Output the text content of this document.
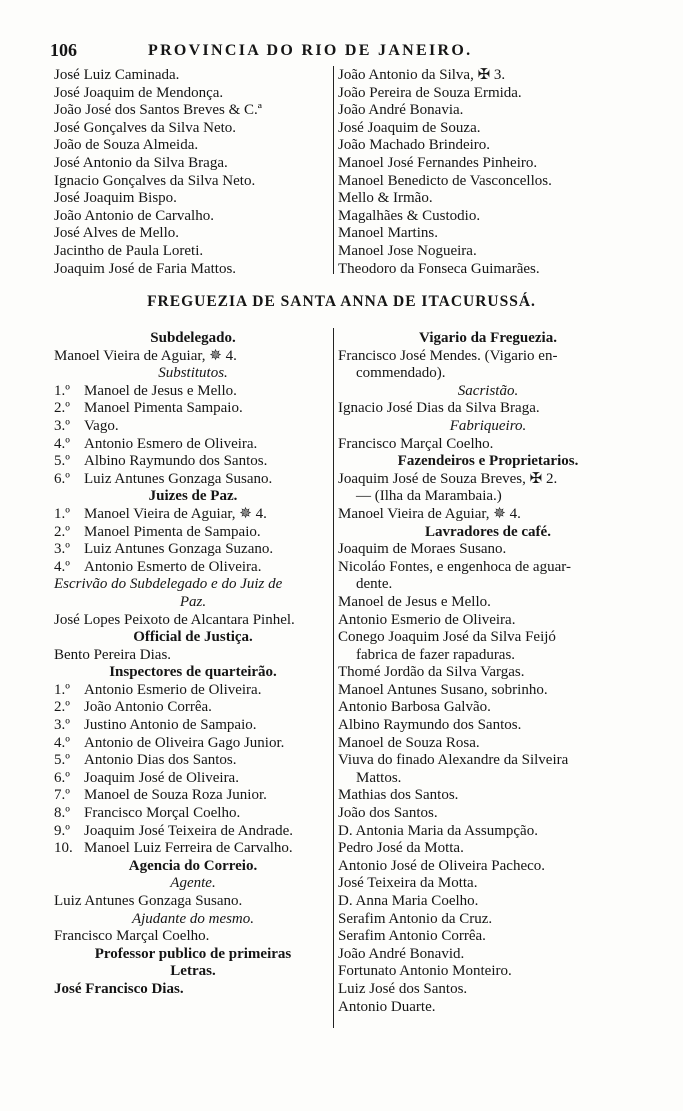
106	PROVINCIA DO RIO DE JANEIRO.
José Luiz Caminada.
José Joaquim de Mendonça.
João José dos Santos Breves & C.ª
José Gonçalves da Silva Neto.
João de Souza Almeida.
José Antonio da Silva Braga.
Ignacio Gonçalves da Silva Neto.
José Joaquim Bispo.
João Antonio de Carvalho.
José Alves de Mello.
Jacintho de Paula Loreti.
Joaquim José de Faria Mattos.
João Antonio da Silva, ✠ 3.
João Pereira de Souza Ermida.
João André Bonavia.
José Joaquim de Souza.
João Machado Brindeiro.
Manoel José Fernandes Pinheiro.
Manoel Benedicto de Vasconcellos.
Mello & Irmão.
Magalhães & Custodio.
Manoel Martins.
Manoel Jose Nogueira.
Theodoro da Fonseca Guimarães.
FREGUEZIA DE SANTA ANNA DE ITACURUSSÁ.
Subdelegado.
Manoel Vieira de Aguiar, ✵ 4.
Substitutos.
1.º Manoel de Jesus e Mello.
2.º Manoel Pimenta Sampaio.
3.º Vago.
4.º Antonio Esmero de Oliveira.
5.º Albino Raymundo dos Santos.
6.º Luiz Antunes Gonzaga Susano.
Juizes de Paz.
1.º Manoel Vieira de Aguiar, ✵ 4.
2.º Manoel Pimenta de Sampaio.
3.º Luiz Antunes Gonzaga Suzano.
4.º Antonio Esmerto de Oliveira.
Escrivão do Subdelegado e do Juiz de
Paz.
José Lopes Peixoto de Alcantara Pinhel.
Official de Justiça.
Bento Pereira Dias.
Inspectores de quarteirão.
1.º Antonio Esmerio de Oliveira.
2.º João Antonio Corrêa.
3.º Justino Antonio de Sampaio.
4.º Antonio de Oliveira Gago Junior.
5.º Antonio Dias dos Santos.
6.º Joaquim José de Oliveira.
7.º Manoel de Souza Roza Junior.
8.º Francisco Morçal Coelho.
9.º Joaquim José Teixeira de Andrade.
10. Manoel Luiz Ferreira de Carvalho.
Agencia do Correio.
Agente.
Luiz Antunes Gonzaga Susano.
Ajudante do mesmo.
Francisco Marçal Coelho.
Professor publico de primeiras
Letras.
José Francisco Dias.
Vigario da Freguezia.
Francisco José Mendes. (Vigario en-
commendado).
Sacristão.
Ignacio José Dias da Silva Braga.
Fabriqueiro.
Francisco Marçal Coelho.
Fazendeiros e Proprietarios.
Joaquim José de Souza Breves, ✠ 2.
— (Ilha da Marambaia.)
Manoel Vieira de Aguiar, ✵ 4.
Lavradores de café.
Joaquim de Moraes Susano.
Nicoláo Fontes, e engenhoca de aguar-
dente.
Manoel de Jesus e Mello.
Antonio Esmerio de Oliveira.
Conego Joaquim José da Silva Feijó
fabrica de fazer rapaduras.
Thomé Jordão da Silva Vargas.
Manoel Antunes Susano, sobrinho.
Antonio Barbosa Galvão.
Albino Raymundo dos Santos.
Manoel de Souza Rosa.
Viuva do finado Alexandre da Silveira
Mattos.
Mathias dos Santos.
João dos Santos.
D. Antonia Maria da Assumpção.
Pedro José da Motta.
Antonio José de Oliveira Pacheco.
José Teixeira da Motta.
D. Anna Maria Coelho.
Serafim Antonio da Cruz.
Serafim Antonio Corrêa.
João André Bonavid.
Fortunato Antonio Monteiro.
Luiz José dos Santos.
Antonio Duarte.
